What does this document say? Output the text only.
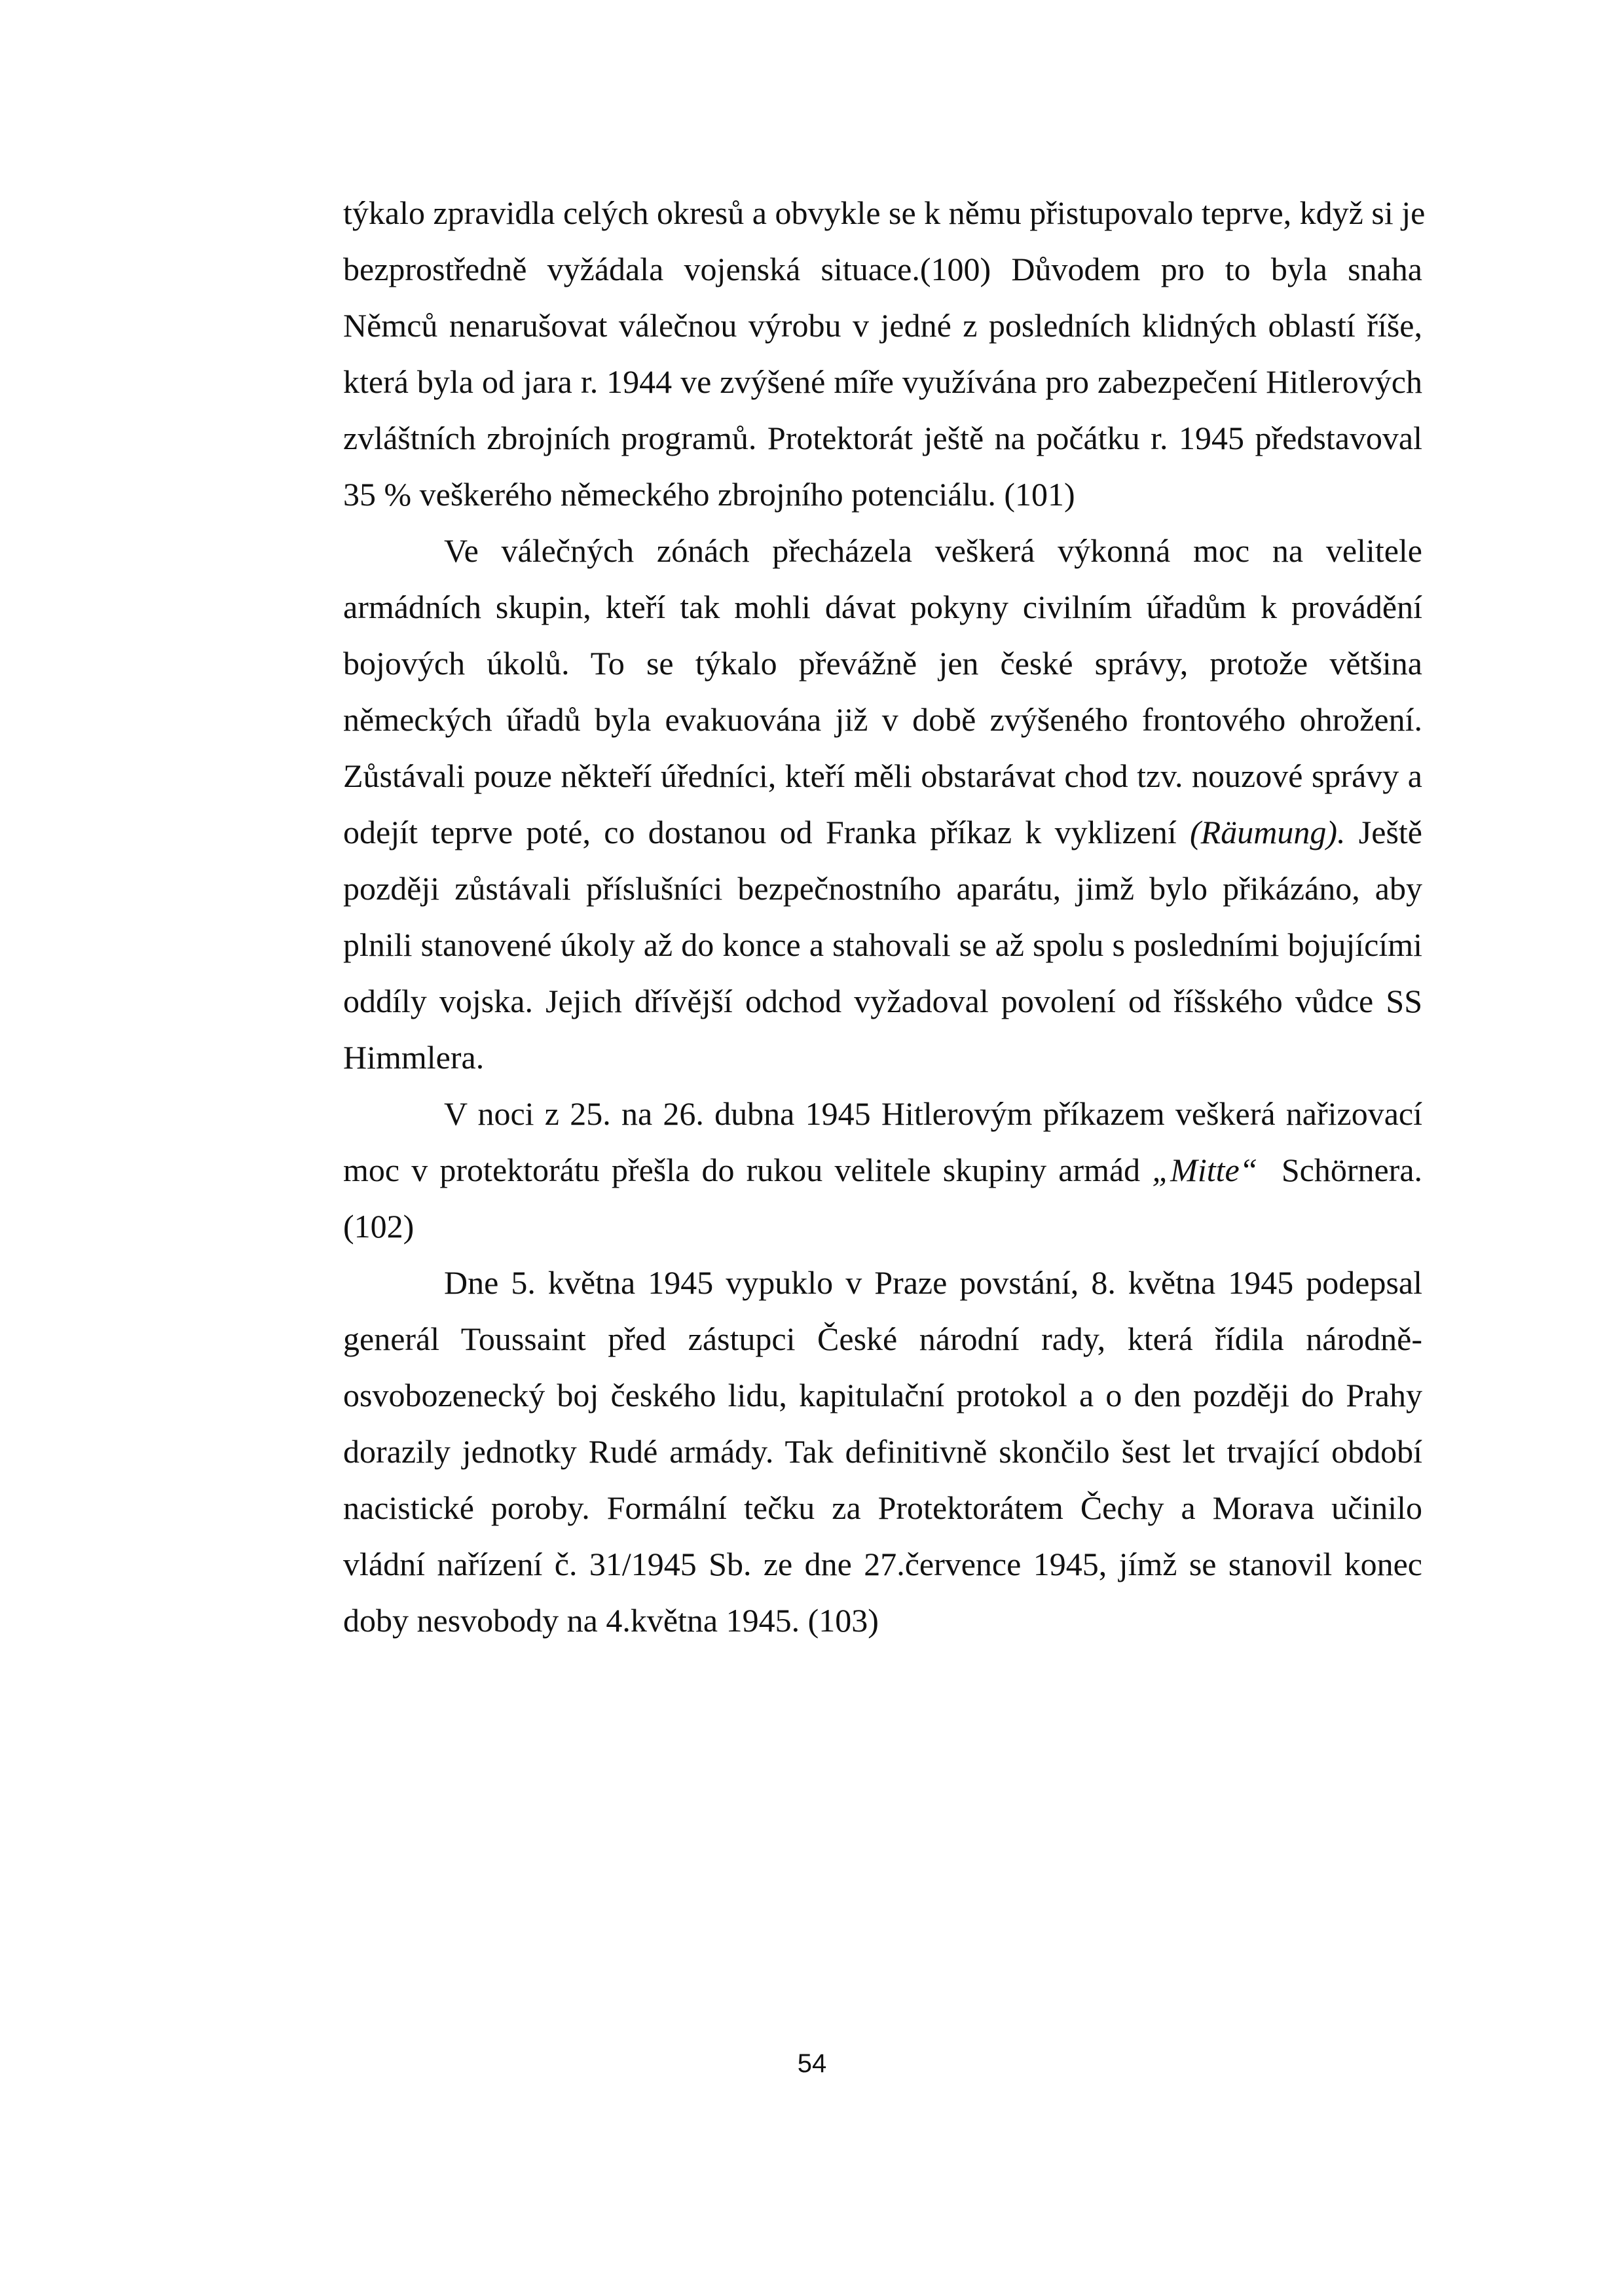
týkalo zpravidla celých okresů a obvykle se k němu přistupovalo teprve, když si je
bezprostředně vyžádala vojenská situace.(100) Důvodem pro to byla snaha
Němců nenarušovat válečnou výrobu v jedné z posledních klidných oblastí říše,
která byla od jara r. 1944 ve zvýšené míře využívána pro zabezpečení Hitlerových
zvláštních zbrojních programů. Protektorát ještě na počátku r. 1945 představoval
35 % veškerého německého zbrojního potenciálu. (101)

Ve válečných zónách přecházela veškerá výkonná moc na velitele
armádních skupin, kteří tak mohli dávat pokyny civilním úřadům k provádění
bojových úkolů. To se týkalo převážně jen české správy, protože většina
německých úřadů byla evakuována již v době zvýšeného frontového ohrožení.
Zůstávali pouze někteří úředníci, kteří měli obstarávat chod tzv. nouzové správy a
odejít teprve poté, co dostanou od Franka příkaz k vyklizení (Räumung). Ještě
později zůstávali příslušníci bezpečnostního aparátu, jimž bylo přikázáno, aby
plnili stanovené úkoly až do konce a stahovali se až spolu s posledními bojujícími
oddíly vojska. Jejich dřívější odchod vyžadoval povolení od říšského vůdce SS
Himmlera.

V noci z 25. na 26. dubna 1945 Hitlerovým příkazem veškerá nařizovací
moc v protektorátu přešla do rukou velitele skupiny armád „Mitte“  Schörnera.
(102)

Dne 5. května 1945 vypuklo v Praze povstání, 8. května 1945 podepsal
generál Toussaint před zástupci České národní rady, která řídila národně-
osvobozenecký boj českého lidu, kapitulační protokol a o den později do Prahy
dorazily jednotky Rudé armády. Tak definitivně skončilo šest let trvající období
nacistické poroby. Formální tečku za Protektorátem Čechy a Morava učinilo
vládní nařízení č. 31/1945 Sb. ze dne 27.července 1945, jímž se stanovil konec
doby nesvobody na 4.května 1945. (103)

54
